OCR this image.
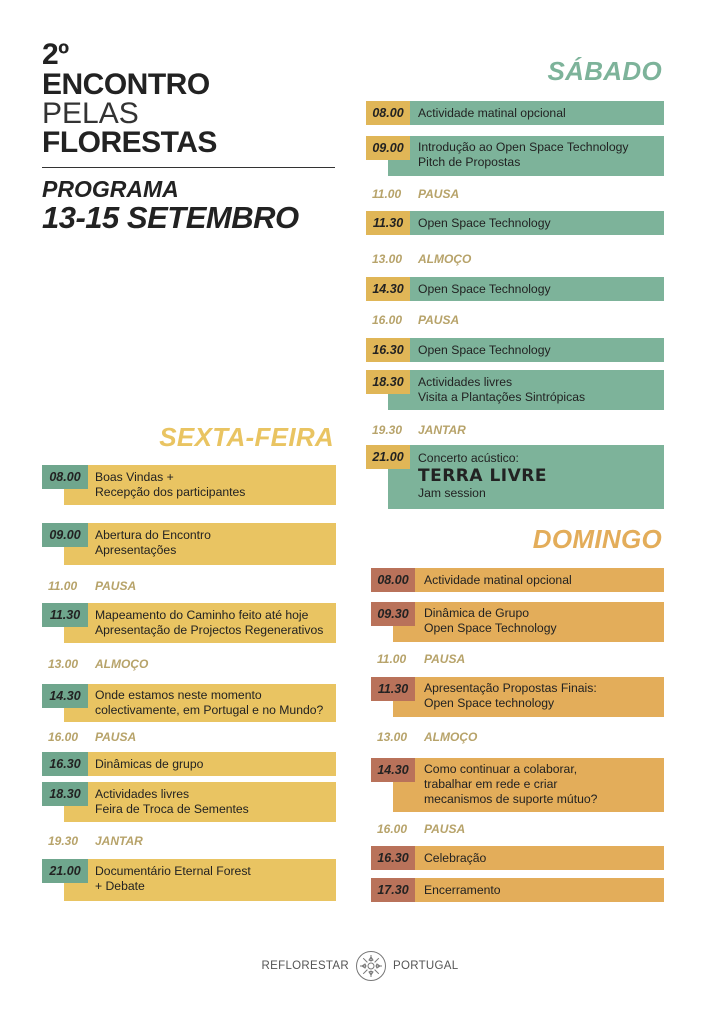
2º
ENCONTRO
PELAS
FLORESTAS
PROGRAMA
13-15 SETEMBRO
SÁBADO
08.00	Actividade matinal opcional
09.00	Introdução ao Open Space Technology
Pitch de Propostas
11.00	PAUSA
11.30	Open Space Technology
13.00	ALMOÇO
14.30	Open Space Technology
16.00	PAUSA
16.30	Open Space Technology
18.30	Actividades livres
Visita a Plantações Sintrópicas
19.30	JANTAR
21.00	Concerto acústico:
TERRA LIVRE
Jam session
SEXTA-FEIRA
08.00	Boas Vindas +
Recepção dos participantes
09.00	Abertura do Encontro
Apresentações
11.00	PAUSA
11.30	Mapeamento do Caminho feito até hoje
Apresentação de Projectos Regenerativos
13.00	ALMOÇO
14.30	Onde estamos neste momento
colectivamente, em Portugal e no Mundo?
16.00	PAUSA
16.30	Dinâmicas de grupo
18.30	Actividades livres
Feira de Troca de Sementes
19.30	JANTAR
21.00	Documentário Eternal Forest
+ Debate
DOMINGO
08.00	Actividade matinal opcional
09.30	Dinâmica de Grupo
Open Space Technology
11.00	PAUSA
11.30	Apresentação Propostas Finais:
Open Space technology
13.00	ALMOÇO
14.30	Como continuar a colaborar,
trabalhar em rede e criar
mecanismos de suporte mútuo?
16.00	PAUSA
16.30	Celebração
17.30	Encerramento
REFLORESTAR	PORTUGAL
